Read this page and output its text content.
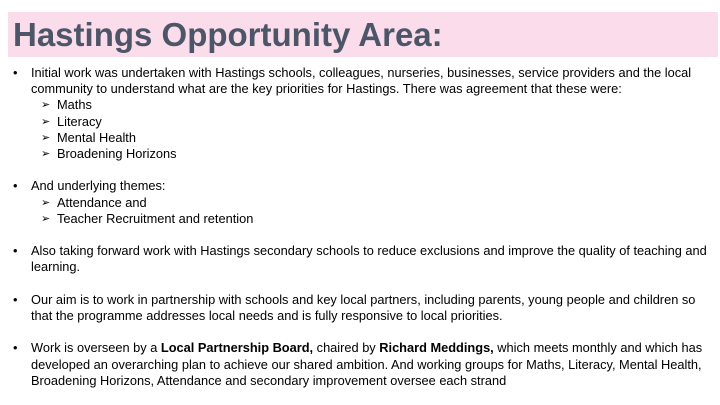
Hastings Opportunity Area:
• Initial work was undertaken with Hastings schools, colleagues, nurseries, businesses, service providers and the local community to understand what are the key priorities for Hastings. There was agreement that these were:
➢ Maths
➢ Literacy
➢ Mental Health
➢ Broadening Horizons
• And underlying themes:
➢ Attendance and
➢ Teacher Recruitment and retention
• Also taking forward work with Hastings secondary schools to reduce exclusions and improve the quality of teaching and learning.
• Our aim is to work in partnership with schools and key local partners, including parents, young people and children so that the programme addresses local needs and is fully responsive to local priorities.
• Work is overseen by a Local Partnership Board, chaired by Richard Meddings, which meets monthly and which has developed an overarching plan to achieve our shared ambition. And working groups for Maths, Literacy, Mental Health, Broadening Horizons, Attendance and secondary improvement oversee each strand
